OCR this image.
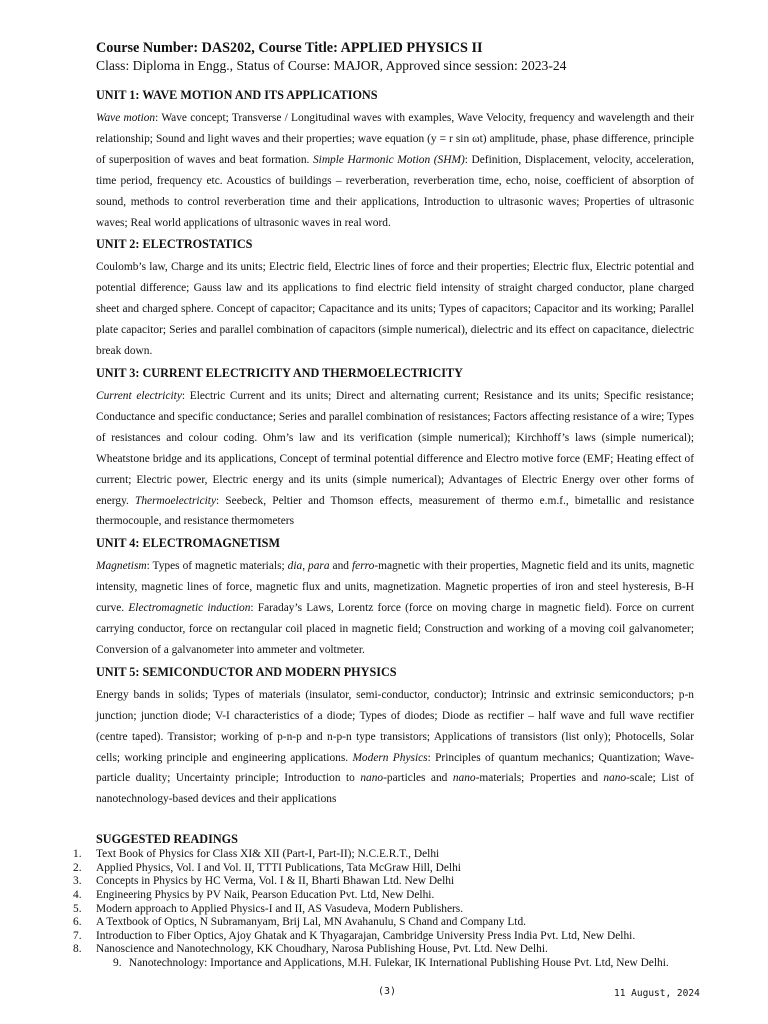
Course Number: DAS202, Course Title: APPLIED PHYSICS II

Class: Diploma in Engg., Status of Course: MAJOR, Approved since session: 2023-24

UNIT 1: WAVE MOTION AND ITS APPLICATIONS

Wave motion: Wave concept; Transverse / Longitudinal waves with examples, Wave Velocity, frequency and wavelength and their relationship; Sound and light waves and their properties; wave equation (y = r sin ωt) amplitude, phase, phase difference, principle of superposition of waves and beat formation. Simple Harmonic Motion (SHM): Definition, Displacement, velocity, acceleration, time period, frequency etc. Acoustics of buildings – reverberation, reverberation time, echo, noise, coefficient of absorption of sound, methods to control reverberation time and their applications, Introduction to ultrasonic waves; Properties of ultrasonic waves; Real world applications of ultrasonic waves in real word.

UNIT 2: ELECTROSTATICS

Coulomb’s law, Charge and its units; Electric field, Electric lines of force and their properties; Electric flux, Electric potential and potential difference; Gauss law and its applications to find electric field intensity of straight charged conductor, plane charged sheet and charged sphere. Concept of capacitor; Capacitance and its units; Types of capacitors; Capacitor and its working; Parallel plate capacitor; Series and parallel combination of capacitors (simple numerical), dielectric and its effect on capacitance, dielectric break down.

UNIT 3: CURRENT ELECTRICITY AND THERMOELECTRICITY

Current electricity: Electric Current and its units; Direct and alternating current; Resistance and its units; Specific resistance; Conductance and specific conductance; Series and parallel combination of resistances; Factors affecting resistance of a wire; Types of resistances and colour coding. Ohm’s law and its verification (simple numerical); Kirchhoff’s laws (simple numerical); Wheatstone bridge and its applications, Concept of terminal potential difference and Electro motive force (EMF; Heating effect of current; Electric power, Electric energy and its units (simple numerical); Advantages of Electric Energy over other forms of energy. Thermoelectricity: Seebeck, Peltier and Thomson effects, measurement of thermo e.m.f., bimetallic and resistance thermocouple, and resistance thermometers

UNIT 4: ELECTROMAGNETISM

Magnetism: Types of magnetic materials; dia, para and ferro-magnetic with their properties, Magnetic field and its units, magnetic intensity, magnetic lines of force, magnetic flux and units, magnetization. Magnetic properties of iron and steel hysteresis, B-H curve. Electromagnetic induction: Faraday’s Laws, Lorentz force (force on moving charge in magnetic field). Force on current carrying conductor, force on rectangular coil placed in magnetic field; Construction and working of a moving coil galvanometer; Conversion of a galvanometer into ammeter and voltmeter.

UNIT 5: SEMICONDUCTOR AND MODERN PHYSICS

Energy bands in solids; Types of materials (insulator, semi-conductor, conductor); Intrinsic and extrinsic semiconductors; p-n junction; junction diode; V-I characteristics of a diode; Types of diodes; Diode as rectifier – half wave and full wave rectifier (centre taped). Transistor; working of p-n-p and n-p-n type transistors; Applications of transistors (list only); Photocells, Solar cells; working principle and engineering applications. Modern Physics: Principles of quantum mechanics; Quantization; Wave-particle duality; Uncertainty principle; Introduction to nano-particles and nano-materials; Properties and nano-scale; List of nanotechnology-based devices and their applications

SUGGESTED READINGS
1.	Text Book of Physics for Class XI& XII (Part-I, Part-II); N.C.E.R.T., Delhi
2.	Applied Physics, Vol. I and Vol. II, TTTI Publications, Tata McGraw Hill, Delhi
3.	Concepts in Physics by HC Verma, Vol. I & II, Bharti Bhawan Ltd. New Delhi
4.	Engineering Physics by PV Naik, Pearson Education Pvt. Ltd, New Delhi.
5.	Modern approach to Applied Physics-I and II, AS Vasudeva, Modern Publishers.
6.	A Textbook of Optics, N Subramanyam, Brij Lal, MN Avahanulu, S Chand and Company Ltd.
7.	Introduction to Fiber Optics, Ajoy Ghatak and K Thyagarajan, Cambridge University Press India Pvt. Ltd, New Delhi.
8.	Nanoscience and Nanotechnology, KK Choudhary, Narosa Publishing House, Pvt. Ltd. New Delhi.
9. Nanotechnology: Importance and Applications, M.H. Fulekar, IK International Publishing House Pvt. Ltd, New Delhi.
(3)	11 August, 2024
